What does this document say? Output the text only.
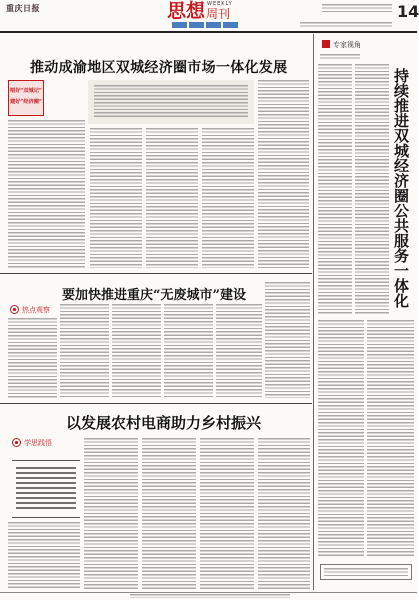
重庆日报	思想 WEEKLY
周刊	14
推动成渝地区双城经济圈市场一体化发展
唱好“双城记”
建好“经济圈”
要加快推进重庆“无废城市”建设
热点观察
以发展农村电商助力乡村振兴
学思践悟
专家视角
持续推进双城经济圈公共服务一体化
